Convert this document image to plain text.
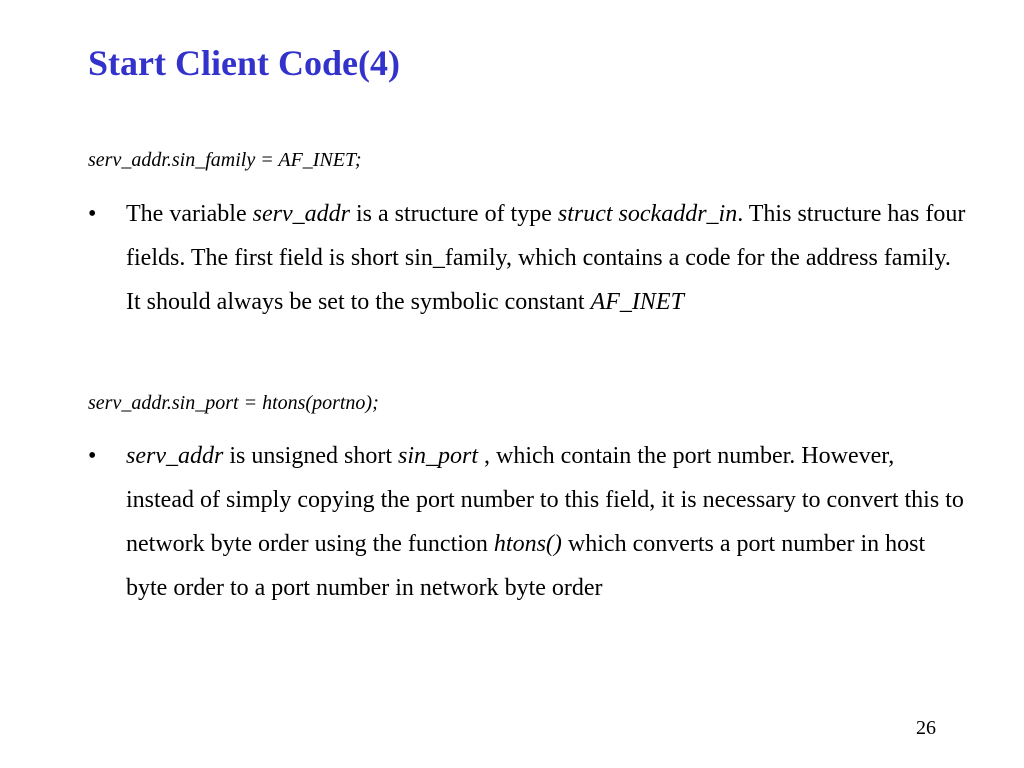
Start Client Code(4)

serv_addr.sin_family = AF_INET;

•	The variable serv_addr is a structure of type struct sockaddr_in. This structure has four fields. The first field is short sin_family, which contains a code for the address family. It should always be set to the symbolic constant AF_INET

serv_addr.sin_port = htons(portno);

•	serv_addr is unsigned short sin_port , which contain the port number. However, instead of simply copying the port number to this field, it is necessary to convert this to network byte order using the function htons() which converts a port number in host byte order to a port number in network byte order
26
